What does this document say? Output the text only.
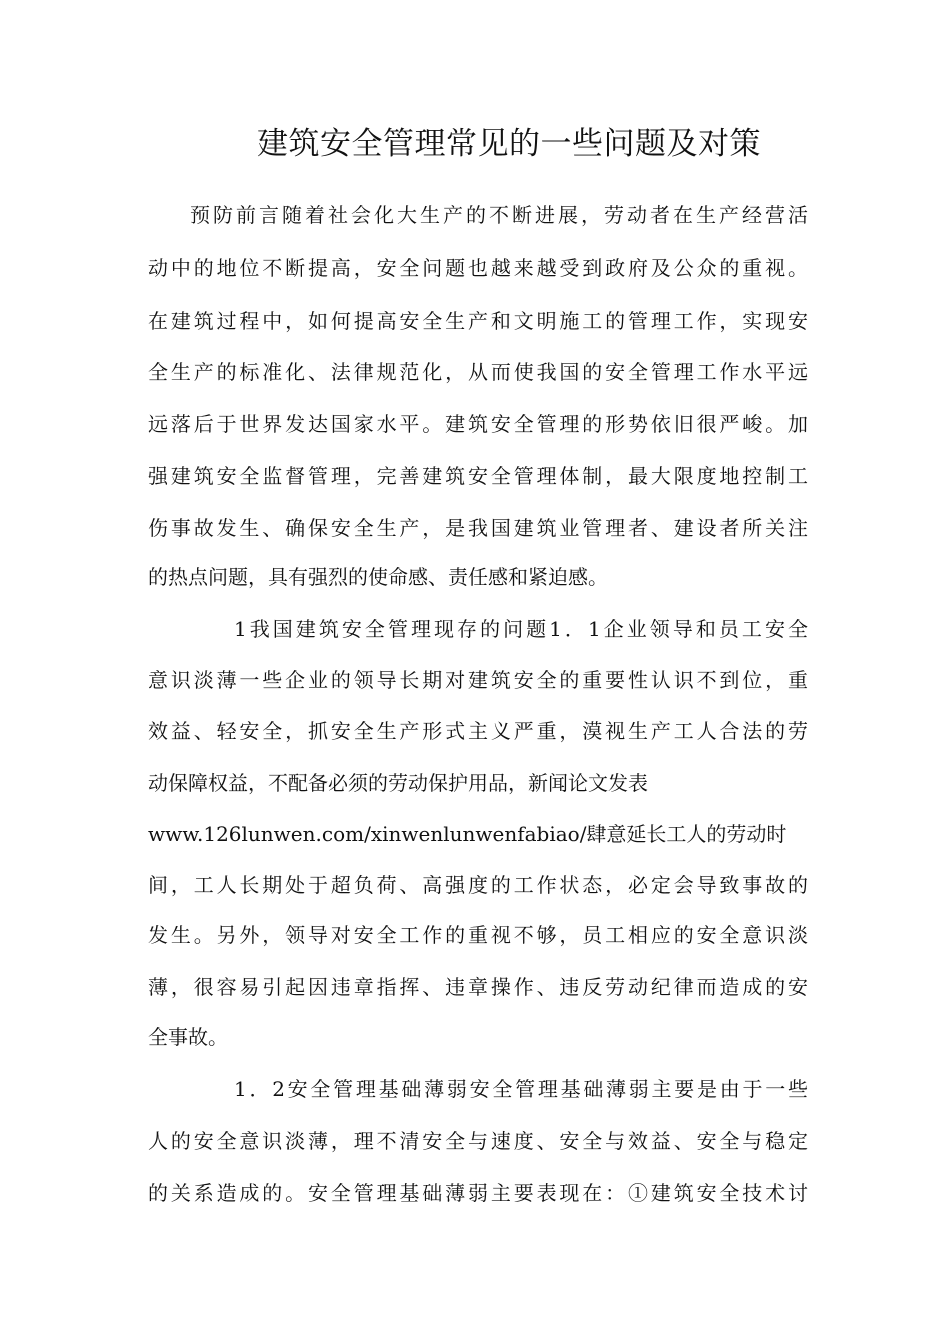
建筑安全管理常见的一些问题及对策
预防前言随着社会化大生产的不断进展，劳动者在生产经营活
动中的地位不断提高，安全问题也越来越受到政府及公众的重视。
在建筑过程中，如何提高安全生产和文明施工的管理工作，实现安
全生产的标准化、法律规范化，从而使我国的安全管理工作水平远
远落后于世界发达国家水平。建筑安全管理的形势依旧很严峻。加
强建筑安全监督管理，完善建筑安全管理体制，最大限度地控制工
伤事故发生、确保安全生产，是我国建筑业管理者、建设者所关注
的热点问题，具有强烈的使命感、责任感和紧迫感。
1我国建筑安全管理现存的问题1．1企业领导和员工安全
意识淡薄一些企业的领导长期对建筑安全的重要性认识不到位，重
效益、轻安全，抓安全生产形式主义严重，漠视生产工人合法的劳
动保障权益，不配备必须的劳动保护用品，新闻论文发表
www.126lunwen.com/xinwenlunwenfabiao/肆意延长工人的劳动时
间，工人长期处于超负荷、高强度的工作状态，必定会导致事故的
发生。另外，领导对安全工作的重视不够，员工相应的安全意识淡
薄，很容易引起因违章指挥、违章操作、违反劳动纪律而造成的安
全事故。
1．2安全管理基础薄弱安全管理基础薄弱主要是由于一些
人的安全意识淡薄，理不清安全与速度、安全与效益、安全与稳定
的关系造成的。安全管理基础薄弱主要表现在：①建筑安全技术讨
